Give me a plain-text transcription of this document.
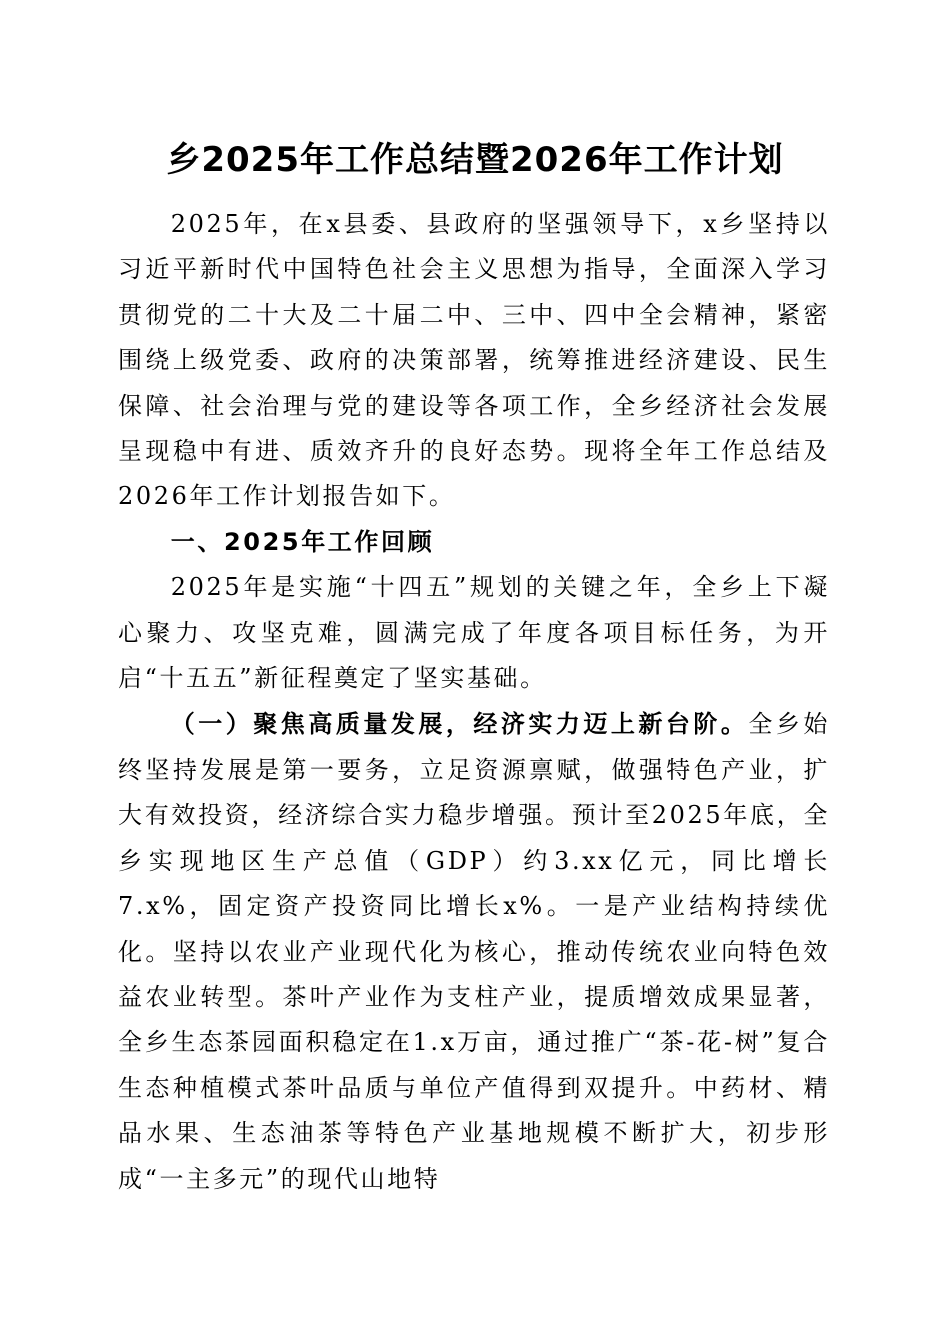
乡2025年工作总结暨2026年工作计划

2025年，在x县委、县政府的坚强领导下，x乡坚持以习近平新时代中国特色社会主义思想为指导，全面深入学习贯彻党的二十大及二十届二中、三中、四中全会精神，紧密围绕上级党委、政府的决策部署，统筹推进经济建设、民生保障、社会治理与党的建设等各项工作，全乡经济社会发展呈现稳中有进、质效齐升的良好态势。现将全年工作总结及2026年工作计划报告如下。

一、2025年工作回顾

2025年是实施“十四五”规划的关键之年，全乡上下凝心聚力、攻坚克难，圆满完成了年度各项目标任务，为开启“十五五”新征程奠定了坚实基础。

（一）聚焦高质量发展，经济实力迈上新台阶。全乡始终坚持发展是第一要务，立足资源禀赋，做强特色产业，扩大有效投资，经济综合实力稳步增强。预计至2025年底，全乡实现地区生产总值（GDP）约3.xx亿元，同比增长7.x%，固定资产投资同比增长x%。一是产业结构持续优化。坚持以农业产业现代化为核心，推动传统农业向特色效益农业转型。茶叶产业作为支柱产业，提质增效成果显著，全乡生态茶园面积稳定在1.x万亩，通过推广“茶-花-树”复合生态种植模式茶叶品质与单位产值得到双提升。中药材、精品水果、生态油茶等特色产业基地规模不断扩大，初步形成“一主多元”的现代山地特
